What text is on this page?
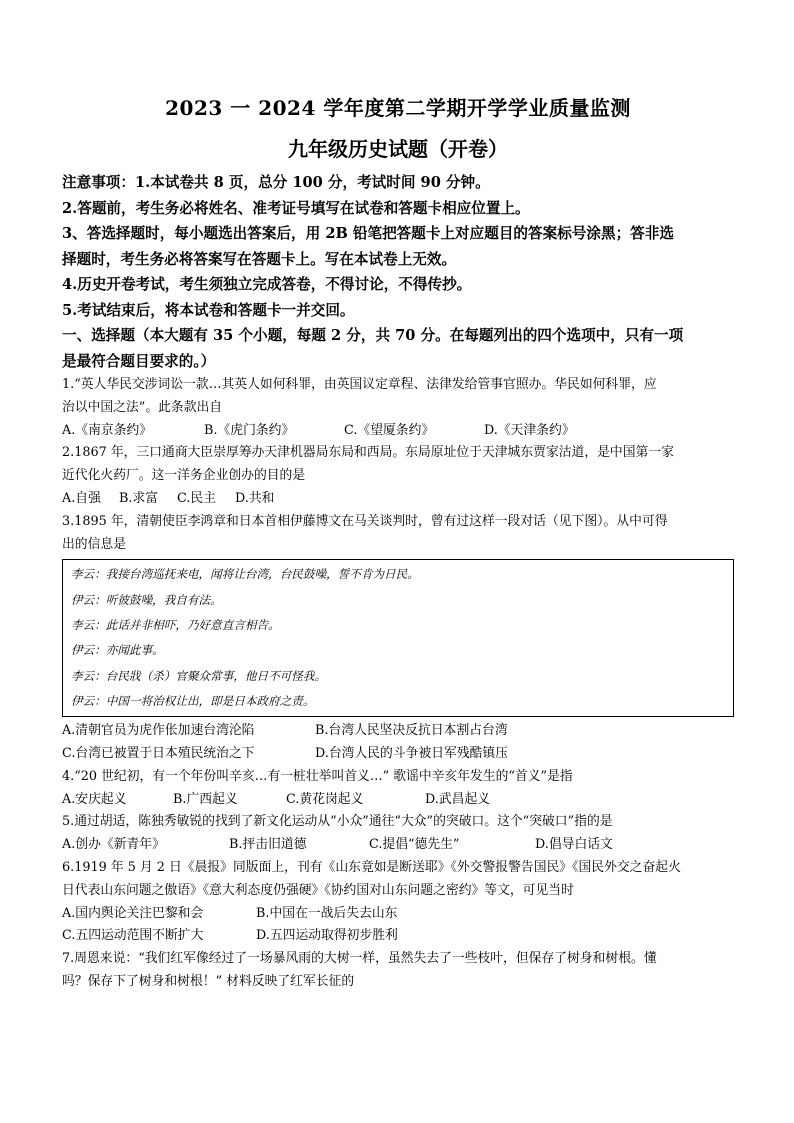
2023 一 2024 学年度第二学期开学学业质量监测

九年级历史试题（开卷）

注意事项：1.本试卷共 8 页，总分 100 分，考试时间 90 分钟。

2.答题前，考生务必将姓名、准考证号填写在试卷和答题卡相应位置上。

3、答选择题时，每小题选出答案后，用 2B 铅笔把答题卡上对应题目的答案标号涂黑；答非选

择题时，考生务必将答案写在答题卡上。写在本试卷上无效。

4.历史开卷考试，考生须独立完成答卷，不得讨论，不得传抄。

5.考试结束后，将本试卷和答题卡一并交回。

一、选择题（本大题有 35 个小题，每题 2 分，共 70 分。在每题列出的四个选项中，只有一项

是最符合题目要求的。）

1.“英人华民交涉词讼一款…其英人如何科罪，由英国议定章程、法律发给管事官照办。华民如何科罪，应

治以中国之法”。此条款出自

A.《南京条约》	B.《虎门条约》	C.《望厦条约》	D.《天津条约》

2.1867 年，三口通商大臣崇厚筹办天津机器局东局和西局。东局原址位于天津城东贾家沽道，是中国第一家

近代化火药厂。这一洋务企业创办的目的是

A.自强	B.求富	C.民主	D.共和

3.1895 年，清朝使臣李鸿章和日本首相伊藤博文在马关谈判时，曾有过这样一段对话（见下图）。从中可得

出的信息是

李云：我接台湾巡抚来电，闻将让台湾，台民鼓噪，誓不肯为日民。

伊云：听彼鼓噪，我自有法。

李云：此话并非相吓，乃好意直言相告。

伊云：亦闻此事。

李云：台民戕（杀）官聚众常事，他日不可怪我。

伊云：中国一将治权让出，即是日本政府之责。

A.清朝官员为虎作伥加速台湾沦陷	B.台湾人民坚决反抗日本割占台湾
C.台湾已被置于日本殖民统治之下	D.台湾人民的斗争被日军残酷镇压

4.“20 世纪初，有一个年份叫辛亥…有一桩壮举叫首义…” 歌谣中辛亥年发生的“首义”是指

A.安庆起义	B.广西起义	C.黄花岗起义	D.武昌起义

5.通过胡适，陈独秀敏锐的找到了新文化运动从“小众”通往“大众”的突破口。这个“突破口”指的是

A.创办《新青年》	B.抨击旧道德	C.提倡“德先生”	D.倡导白话文

6.1919 年 5 月 2 日《晨报》同版面上，刊有《山东竟如是断送耶》《外交警报警告国民》《国民外交之奋起火

日代表山东问题之傲语》《意大利态度仍强硬》《协约国对山东问题之密约》等文，可见当时

A.国内舆论关注巴黎和会	B.中国在一战后失去山东
C.五四运动范围不断扩大	D.五四运动取得初步胜利

7.周恩来说：“我们红军像经过了一场暴风雨的大树一样，虽然失去了一些枝叶，但保存了树身和树根。懂

吗？保存下了树身和树根！” 材料反映了红军长征的
